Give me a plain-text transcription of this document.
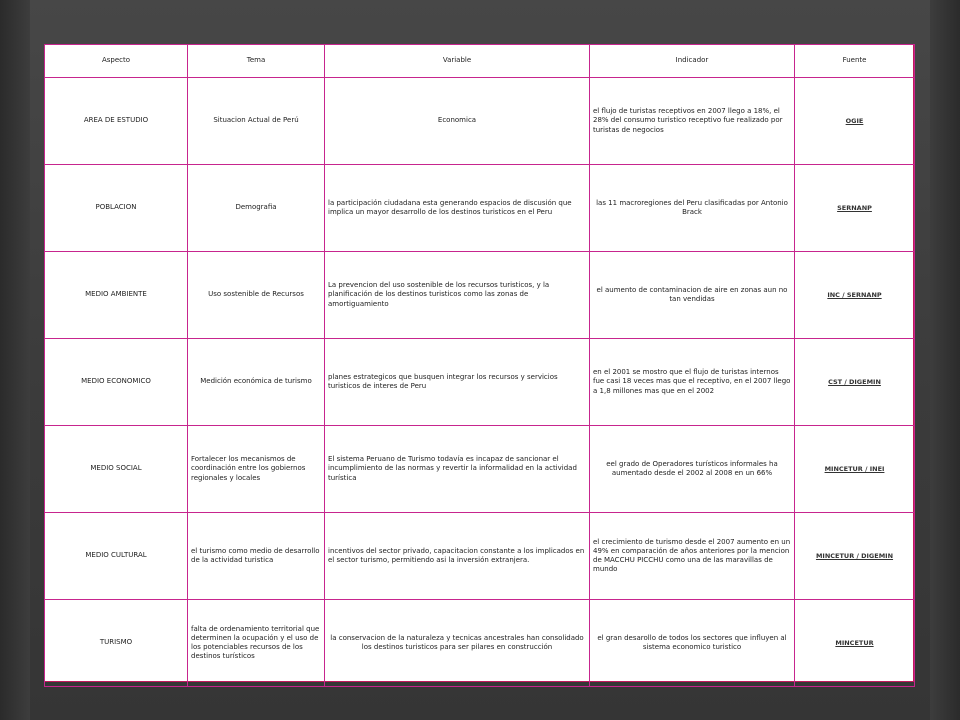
Aspecto	Tema	Variable	Indicador	Fuente
AREA DE ESTUDIO	Situacion Actual de Perú	Economica	el flujo de turistas receptivos en 2007 llego a 18%, el 28% del consumo turistico receptivo fue realizado por turistas de negocios	OGIE
POBLACION	Demografia	la participación ciudadana esta generando espacios de discusión que implica un mayor desarrollo de los destinos turisticos en el Peru	las 11 macroregiones del Peru clasificadas por Antonio Brack	SERNANP
MEDIO AMBIENTE	Uso sostenible de Recursos	La prevencion del uso sostenible de los recursos turisticos, y la planificación de los destinos turisticos como las zonas de amortiguamiento	el aumento de contaminacion de aire en zonas aun no tan vendidas	INC / SERNANP
MEDIO ECONOMICO	Medición económica de turismo	planes estrategicos que busquen integrar los recursos y servicios turisticos de interes de Peru	en el 2001 se mostro que el flujo de turistas internos fue casi 18 veces mas que el receptivo, en el 2007 llego a 1,8 millones mas que en el 2002	CST / DIGEMIN
MEDIO SOCIAL	Fortalecer los mecanismos de coordinación entre los gobiernos regionales y locales	El sistema Peruano de Turismo todavía es incapaz de sancionar el incumplimiento de las normas y revertir la informalidad en la actividad turística	eel grado de Operadores turísticos informales ha aumentado desde el 2002 al 2008 en un 66%	MINCETUR / INEI
MEDIO CULTURAL	el turismo como medio de desarrollo de la actividad turistica	incentivos del sector privado, capacitacion constante a los implicados en el sector turismo, permitiendo asi la inversión extranjera.	el crecimiento de turismo desde el 2007 aumento en un 49% en comparación de años anteriores por la mencion de MACCHU PICCHU como una de las maravillas de mundo	MINCETUR / DIGEMIN
TURISMO	falta de ordenamiento territorial que determinen la ocupación y el uso de los potenciables recursos de los destinos turísticos	la conservacion de la naturaleza y tecnicas ancestrales han consolidado los destinos turisticos para ser pilares en construcción	el gran desarollo de todos los sectores que influyen al sistema economico turistico	MINCETUR
